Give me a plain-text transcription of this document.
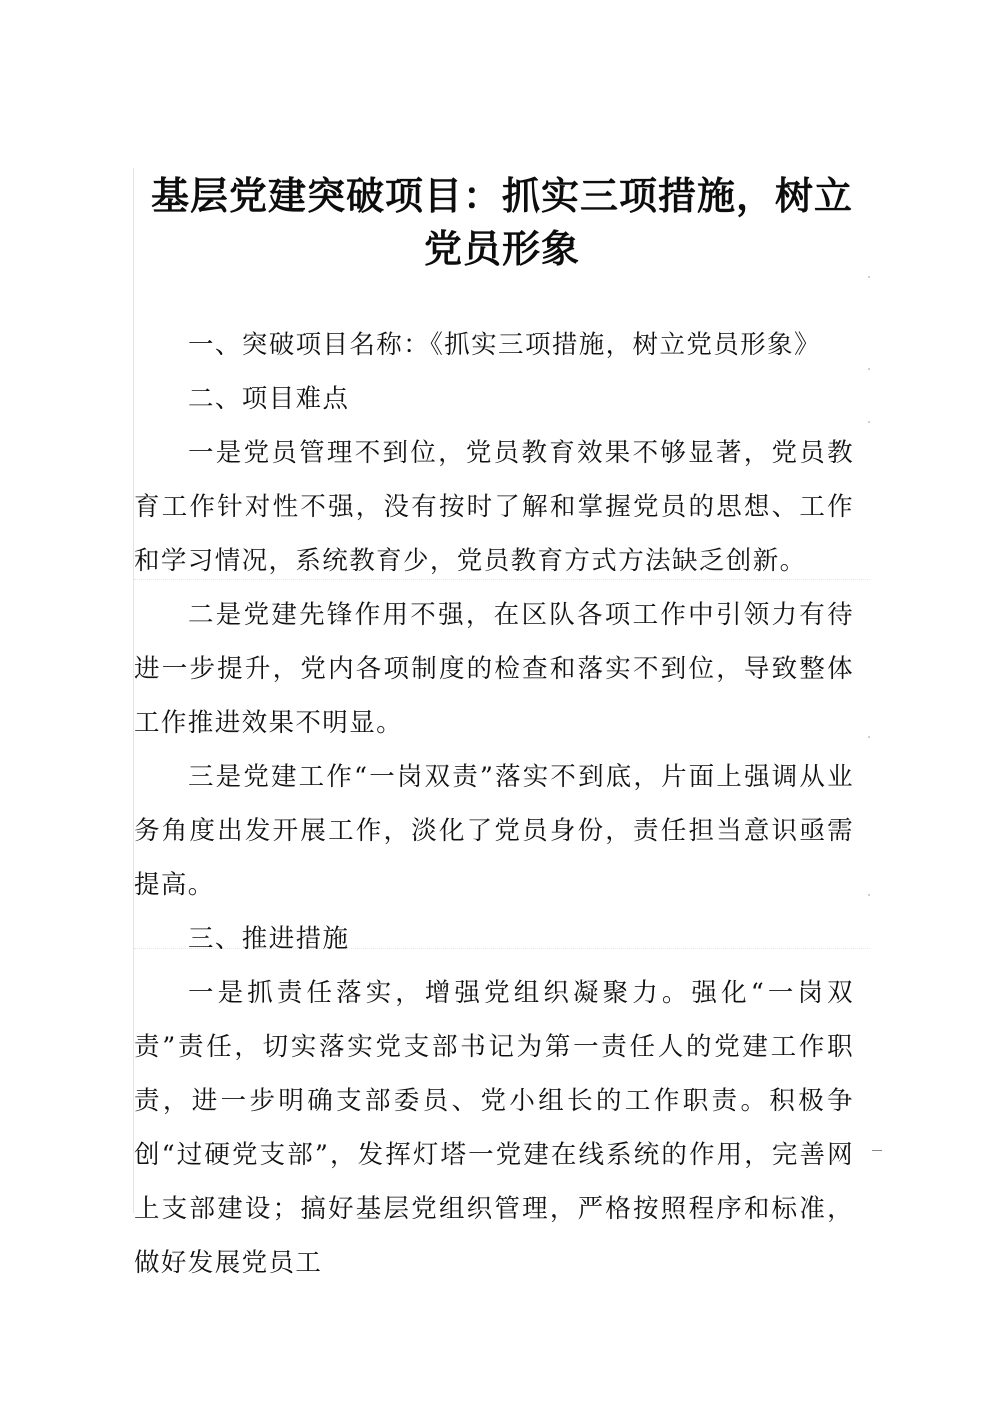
基层党建突破项目：抓实三项措施，树立党员形象

一、突破项目名称：《抓实三项措施，树立党员形象》

二、项目难点

一是党员管理不到位，党员教育效果不够显著，党员教育工作针对性不强，没有按时了解和掌握党员的思想、工作和学习情况，系统教育少，党员教育方式方法缺乏创新。

二是党建先锋作用不强，在区队各项工作中引领力有待进一步提升，党内各项制度的检查和落实不到位，导致整体工作推进效果不明显。

三是党建工作“一岗双责”落实不到底，片面上强调从业务角度出发开展工作，淡化了党员身份，责任担当意识亟需提高。

三、推进措施

一是抓责任落实，增强党组织凝聚力。强化“一岗双责”责任，切实落实党支部书记为第一责任人的党建工作职责，进一步明确支部委员、党小组长的工作职责。积极争创“过硬党支部”，发挥灯塔一党建在线系统的作用，完善网上支部建设；搞好基层党组织管理，严格按照程序和标准，做好发展党员工
